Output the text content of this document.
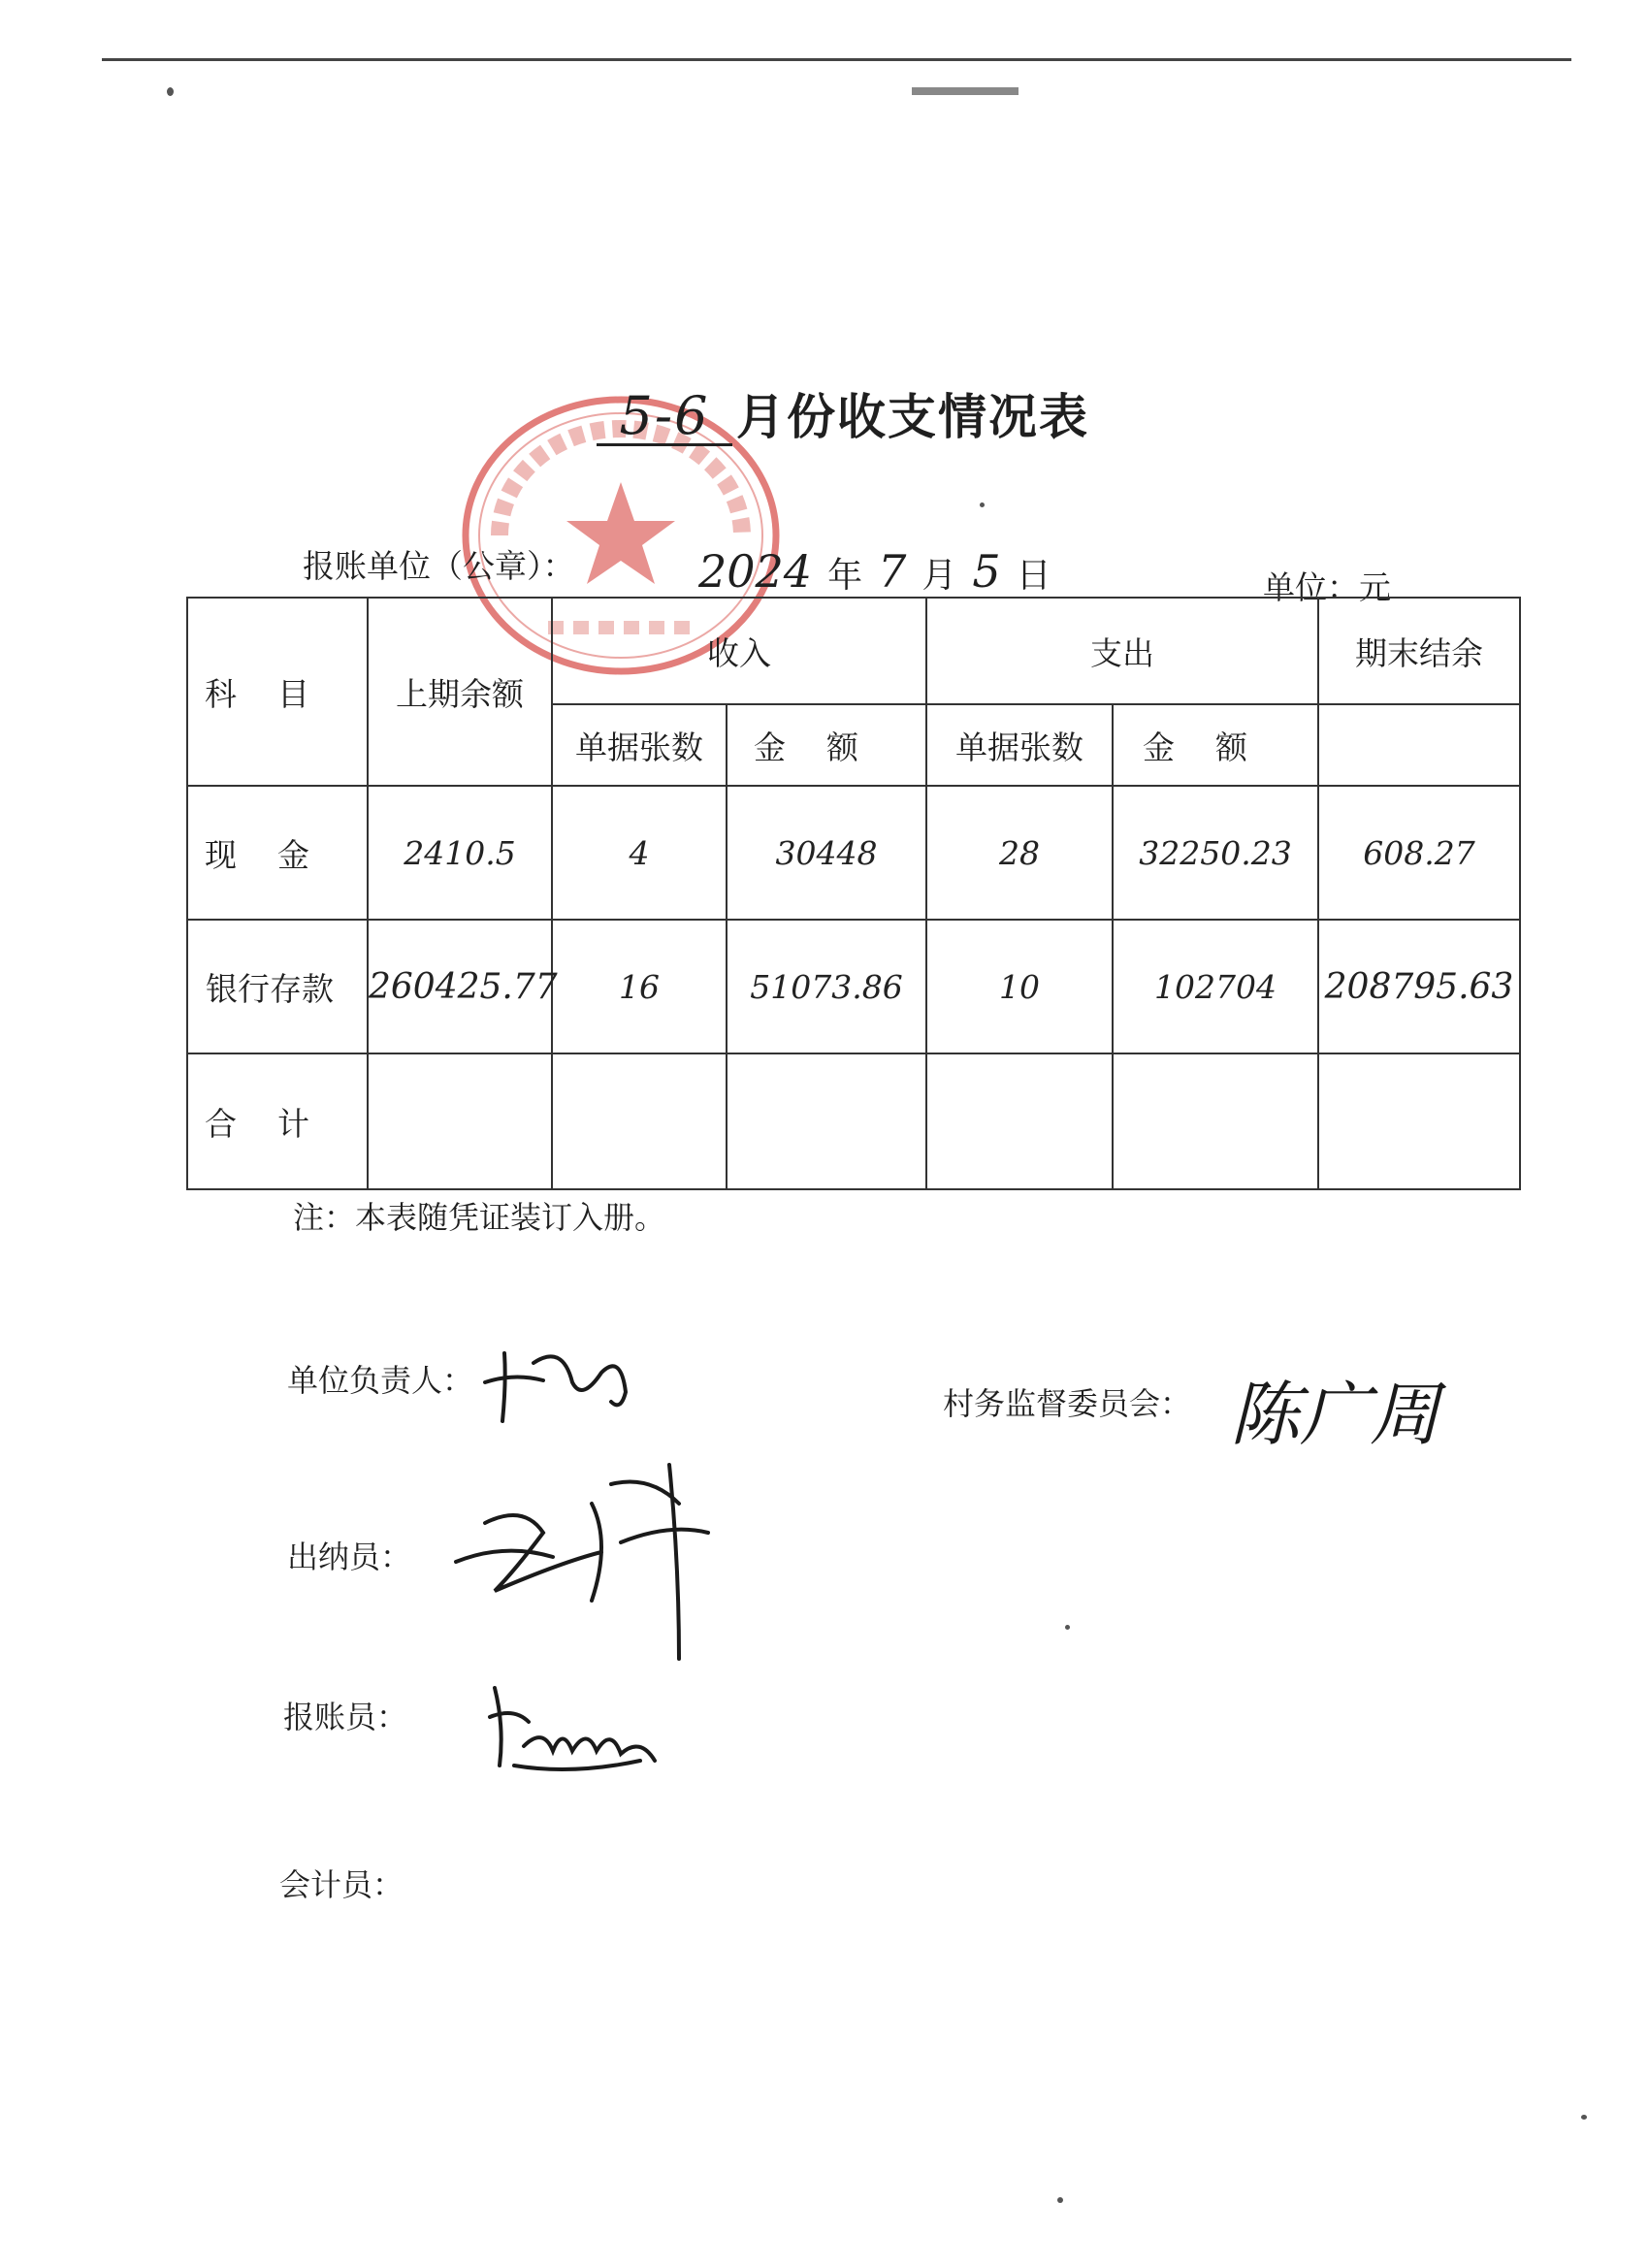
5-6 月份收支情况表
报账单位（公章）：	2024 年 7 月 5 日	单位：元
科目	上期余额	收入		支出		期末结余
		单据张数	金额	单据张数	金额	
现金	2410.5	4	30448	28	32250.23	608.27
银行存款	260425.77	16	51073.86	10	102704	208795.63
合计						
注：本表随凭证装订入册。
单位负责人：
村务监督委员会： 陈广周
出纳员：
报账员：
会计员：
